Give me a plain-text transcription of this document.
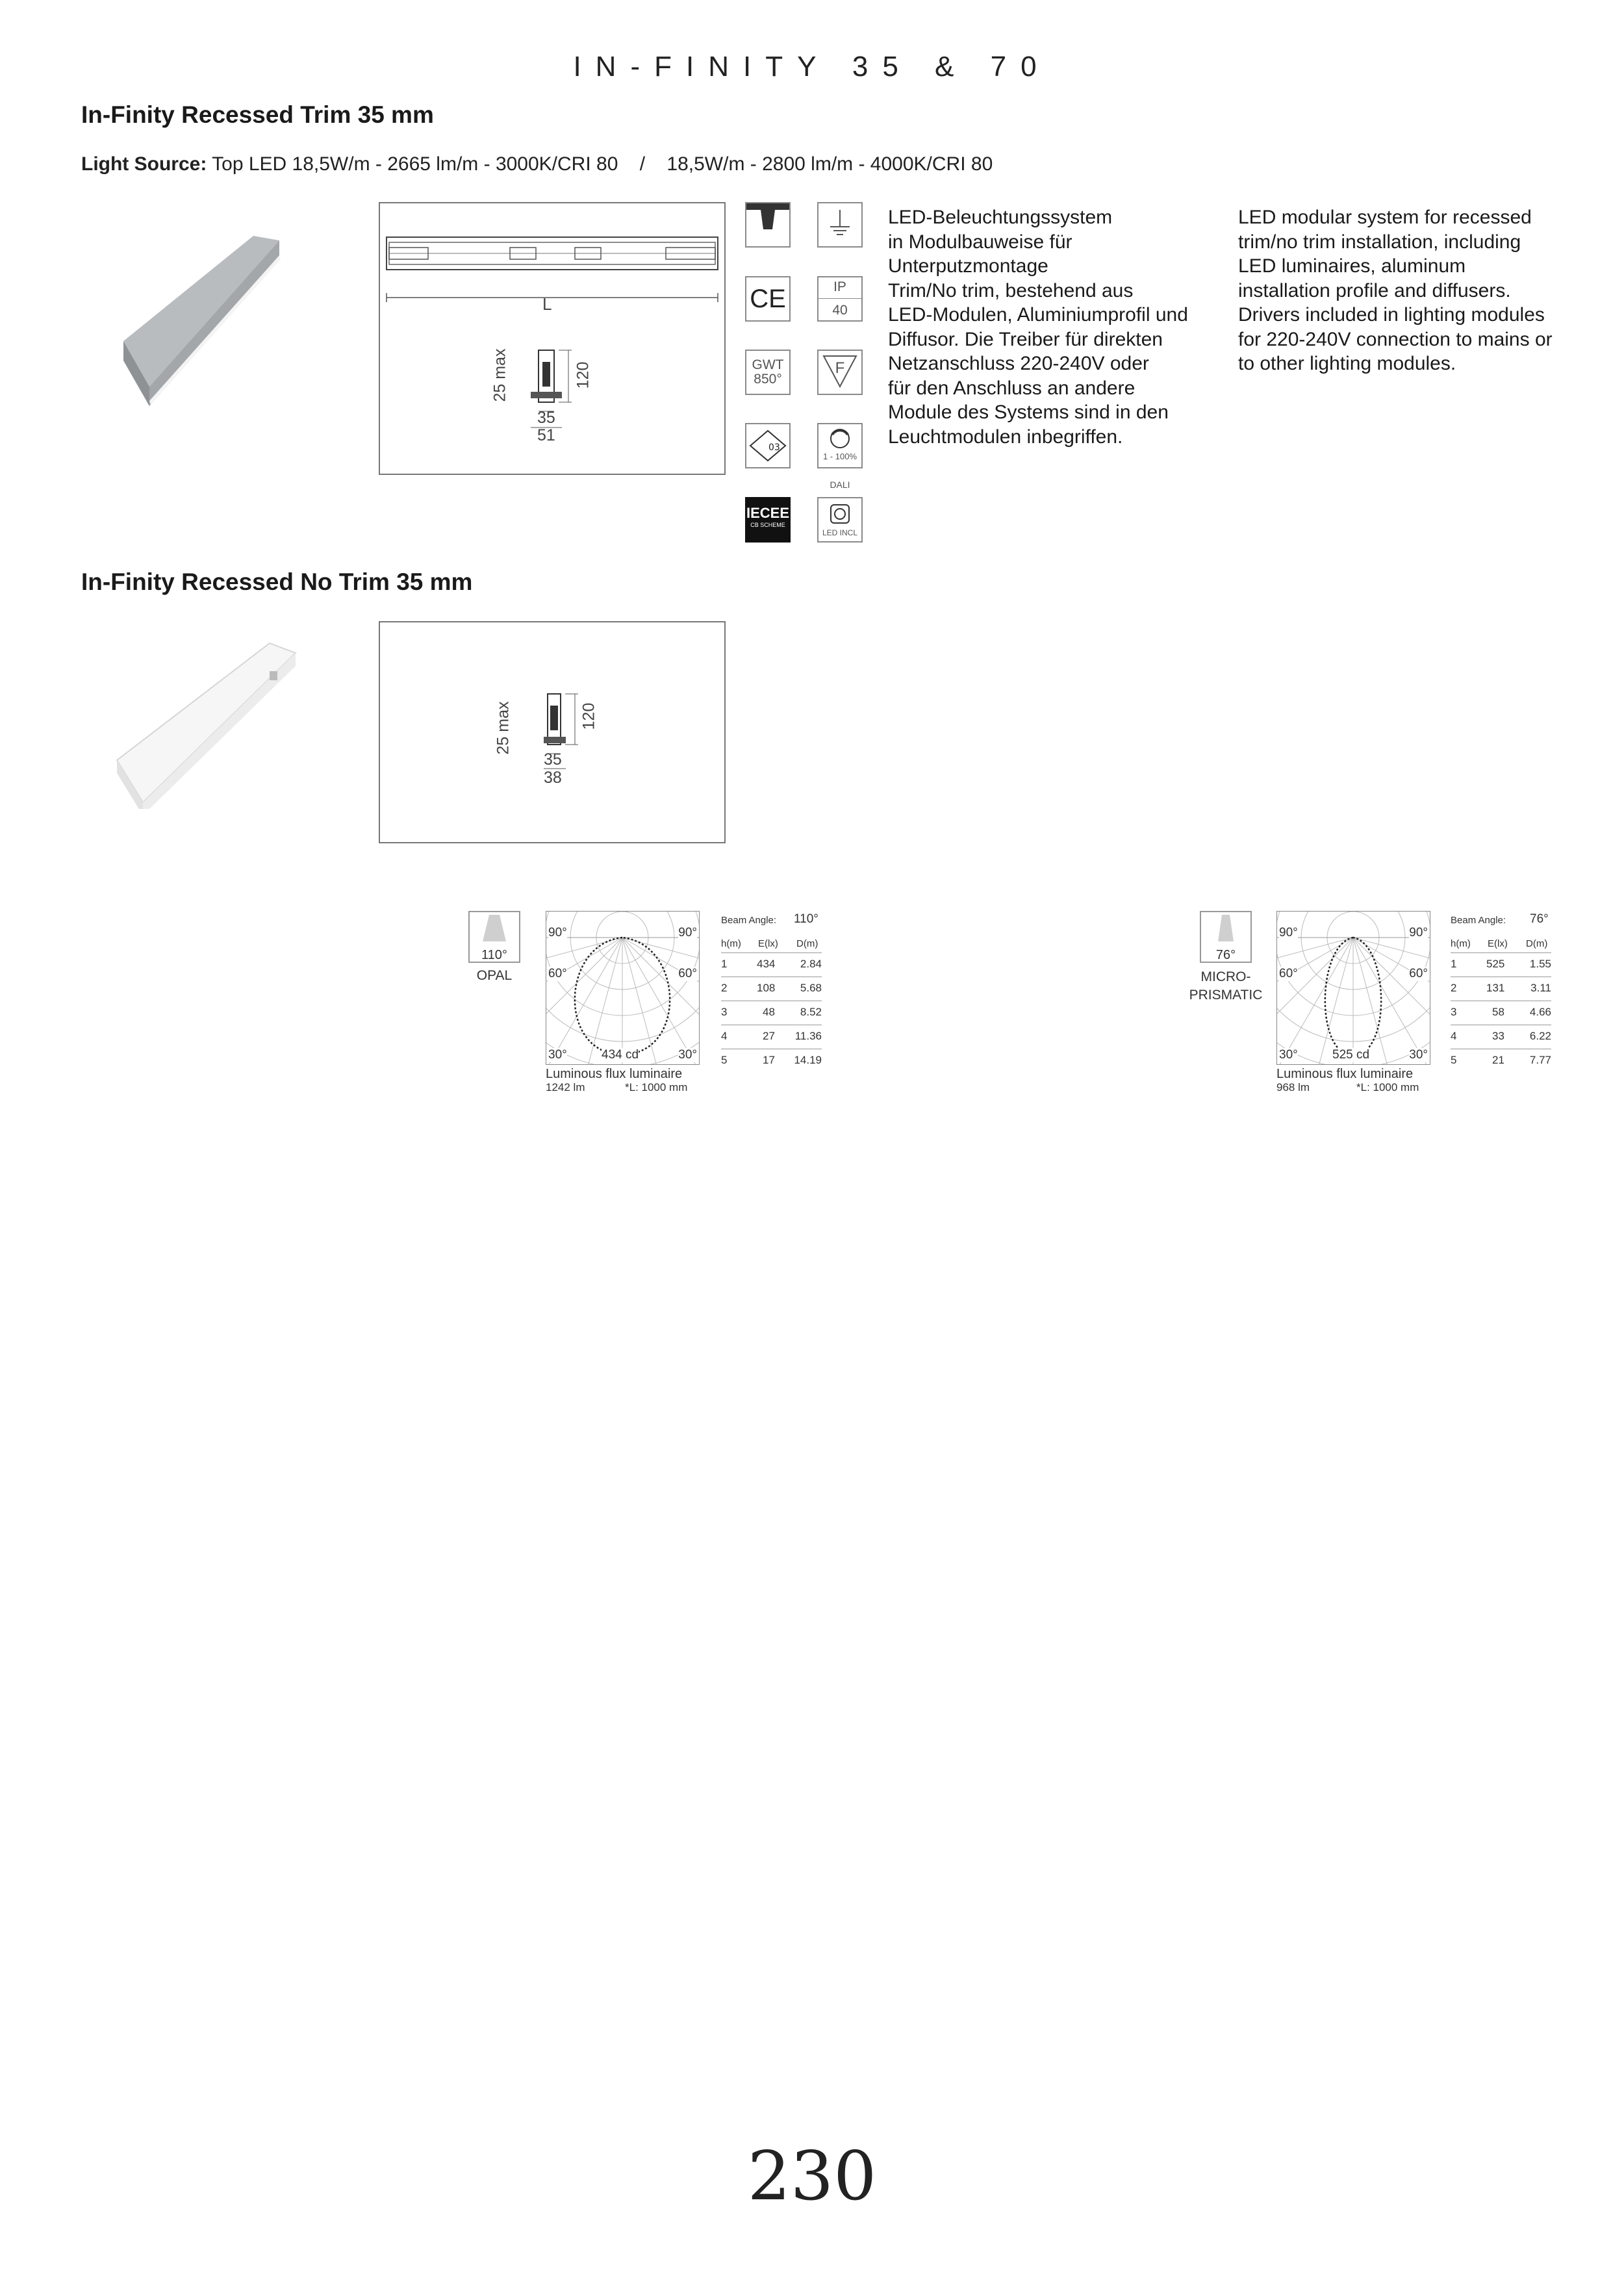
IN-FINITY 35 & 70
In-Finity Recessed Trim 35 mm
Light Source: Top LED 18,5W/m - 2665 lm/m - 3000K/CRI 80    /    18,5W/m - 2800 lm/m - 4000K/CRI 80
L
25 max	120
35
51
CE	IP
40
GWT
850°
F
03
1 - 100%
DALI
IECEE
CB SCHEME
LED INCL
LED-Beleuchtungssystem
in Modulbauweise für
Unterputzmontage
Trim/No trim, bestehend aus
LED-Modulen, Aluminiumprofil und
Diffusor. Die Treiber für direkten
Netzanschluss 220-240V oder
für den Anschluss an andere
Module des Systems sind in den
Leuchtmodulen inbegriffen.
LED modular system for recessed
trim/no trim installation, including
LED luminaires, aluminum
installation profile and diffusers.
Drivers included in lighting modules
for 220-240V connection to mains or
to other lighting modules.
In-Finity Recessed No Trim 35 mm
25 max	120
35
38
110°
OPAL
90°	90°
60°	60°
30°	30°
434 cd
Luminous flux luminaire
1242 lm	*L: 1000 mm
Beam Angle: 110°
h(m) E(lx) D(m)
1	434 2.84
2	108 5.68
3	48 8.52
4	27 11.36
5	17 14.19
76°
MICRO-
PRISMATIC
90°	90°
60°	60°
30°	30°
525 cd
Luminous flux luminaire
968 lm	*L: 1000 mm
Beam Angle: 76°
h(m) E(lx) D(m)
1	525 1.55
2	131 3.11
3	58 4.66
4	33 6.22
5	21 7.77
230
